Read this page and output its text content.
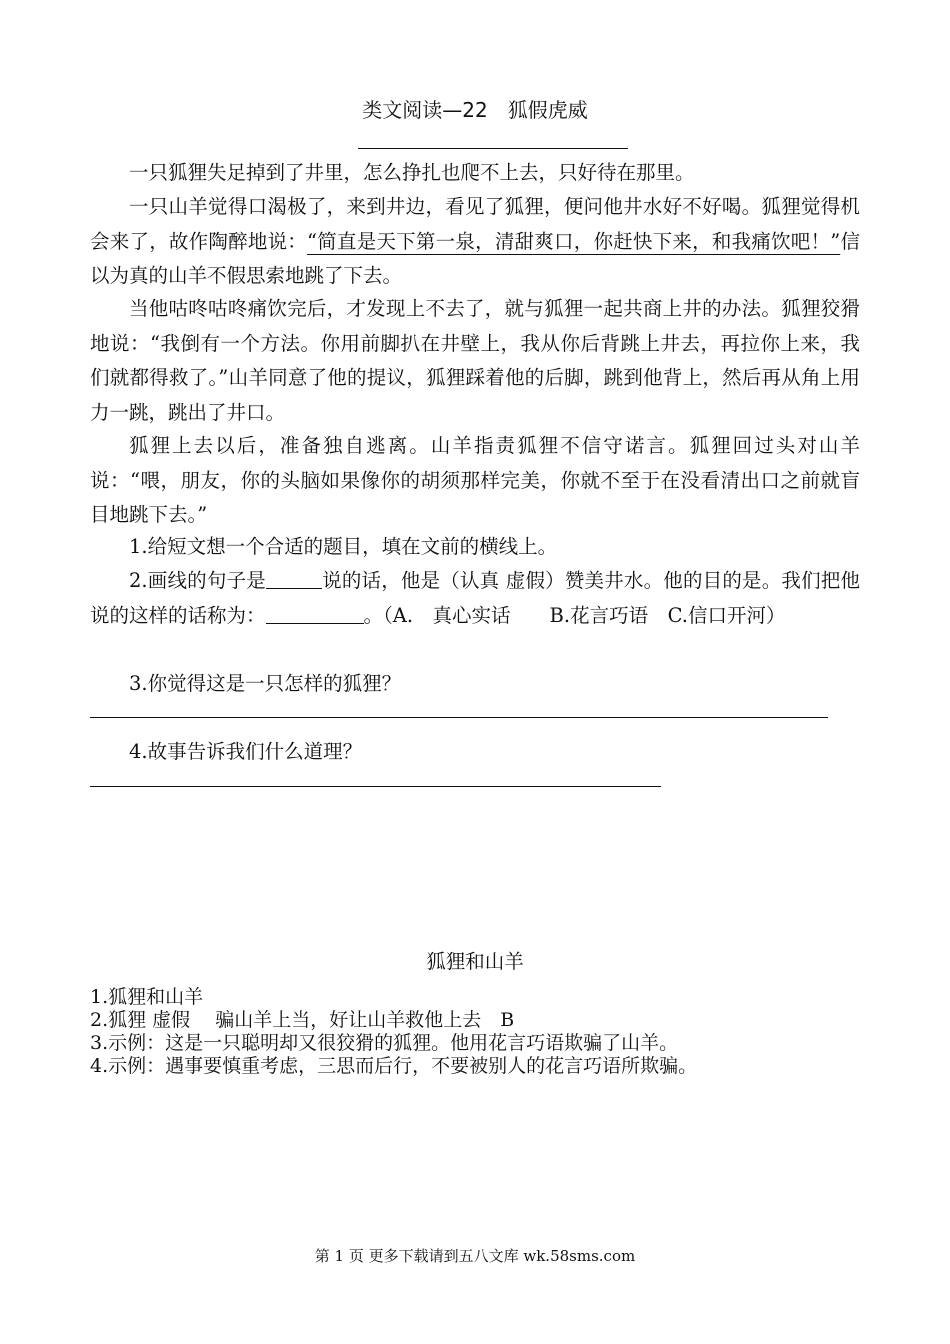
类文阅读—22　狐假虎威

一只狐狸失足掉到了井里，怎么挣扎也爬不上去，只好待在那里。

一只山羊觉得口渴极了，来到井边，看见了狐狸，便问他井水好不好喝。狐狸觉得机会来了，故作陶醉地说：“简直是天下第一泉，清甜爽口，你赶快下来，和我痛饮吧！”信以为真的山羊不假思索地跳了下去。

当他咕咚咕咚痛饮完后，才发现上不去了，就与狐狸一起共商上井的办法。狐狸狡猾地说：“我倒有一个方法。你用前脚扒在井壁上，我从你后背跳上井去，再拉你上来，我们就都得救了。”山羊同意了他的提议，狐狸踩着他的后脚，跳到他背上，然后再从角上用力一跳，跳出了井口。

狐狸上去以后，准备独自逃离。山羊指责狐狸不信守诺言。狐狸回过头对山羊说：“喂，朋友，你的头脑如果像你的胡须那样完美，你就不至于在没看清出口之前就盲目地跳下去。”

1.给短文想一个合适的题目，填在文前的横线上。

2.画线的句子是	说的话，他是（认真 虚假）赞美井水。他的目的是。我们把他说的这样的话称为：	。（A.　真心实话　　B.花言巧语　C.信口开河）

3.你觉得这是一只怎样的狐狸？

4.故事告诉我们什么道理？

狐狸和山羊

1.狐狸和山羊

2.狐狸 虚假　 骗山羊上当，好让山羊救他上去　B

3.示例：这是一只聪明却又很狡猾的狐狸。他用花言巧语欺骗了山羊。

4.示例：遇事要慎重考虑，三思而后行，不要被别人的花言巧语所欺骗。

第 1 页 更多下载请到五八文库 wk.58sms.com
